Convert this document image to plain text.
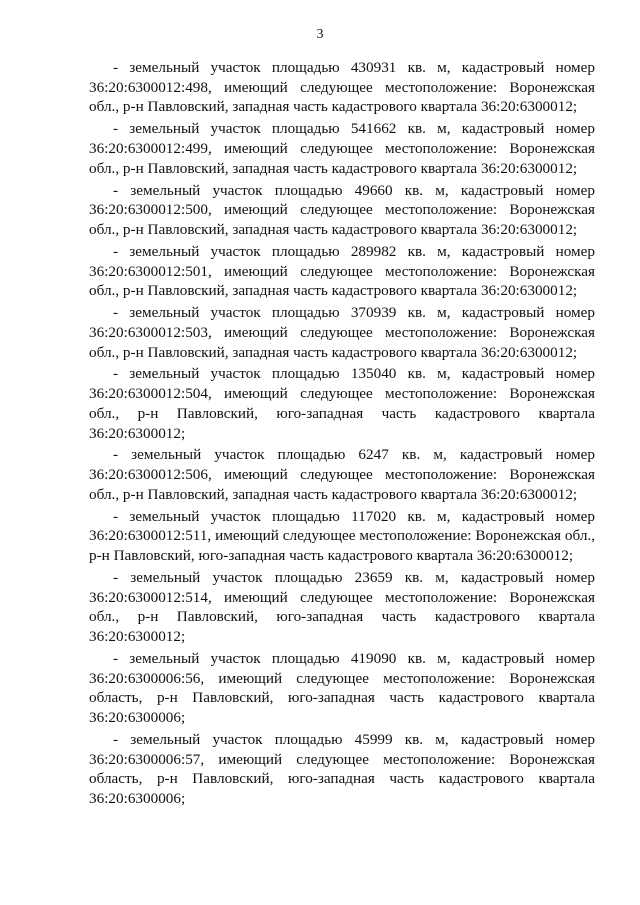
3

- земельный участок площадью 430931 кв. м, кадастровый номер 36:20:6300012:498, имеющий следующее местоположение: Воронежская обл., р-н Павловский, западная часть кадастрового квартала 36:20:6300012;

- земельный участок площадью 541662 кв. м, кадастровый номер 36:20:6300012:499, имеющий следующее местоположение: Воронежская обл., р-н Павловский, западная часть кадастрового квартала 36:20:6300012;

- земельный участок площадью 49660 кв. м, кадастровый номер 36:20:6300012:500, имеющий следующее местоположение: Воронежская обл., р-н Павловский, западная часть кадастрового квартала 36:20:6300012;

- земельный участок площадью 289982 кв. м, кадастровый номер 36:20:6300012:501, имеющий следующее местоположение: Воронежская обл., р-н Павловский, западная часть кадастрового квартала 36:20:6300012;

- земельный участок площадью 370939 кв. м, кадастровый номер 36:20:6300012:503, имеющий следующее местоположение: Воронежская обл., р-н Павловский, западная часть кадастрового квартала 36:20:6300012;

- земельный участок площадью 135040 кв. м, кадастровый номер 36:20:6300012:504, имеющий следующее местоположение: Воронежская обл., р-н Павловский, юго-западная часть кадастрового квартала 36:20:6300012;

- земельный участок площадью 6247 кв. м, кадастровый номер 36:20:6300012:506, имеющий следующее местоположение: Воронежская обл., р-н Павловский, западная часть кадастрового квартала 36:20:6300012;

- земельный участок площадью 117020 кв. м, кадастровый номер 36:20:6300012:511, имеющий следующее местоположение: Воронежская обл., р-н Павловский, юго-западная часть кадастрового квартала 36:20:6300012;

- земельный участок площадью 23659 кв. м, кадастровый номер 36:20:6300012:514, имеющий следующее местоположение: Воронежская обл., р-н Павловский, юго-западная часть кадастрового квартала 36:20:6300012;

- земельный участок площадью 419090 кв. м, кадастровый номер 36:20:6300006:56, имеющий следующее местоположение: Воронежская область, р-н Павловский, юго-западная часть кадастрового квартала 36:20:6300006;

- земельный участок площадью 45999 кв. м, кадастровый номер 36:20:6300006:57, имеющий следующее местоположение: Воронежская область, р-н Павловский, юго-западная часть кадастрового квартала 36:20:6300006;
